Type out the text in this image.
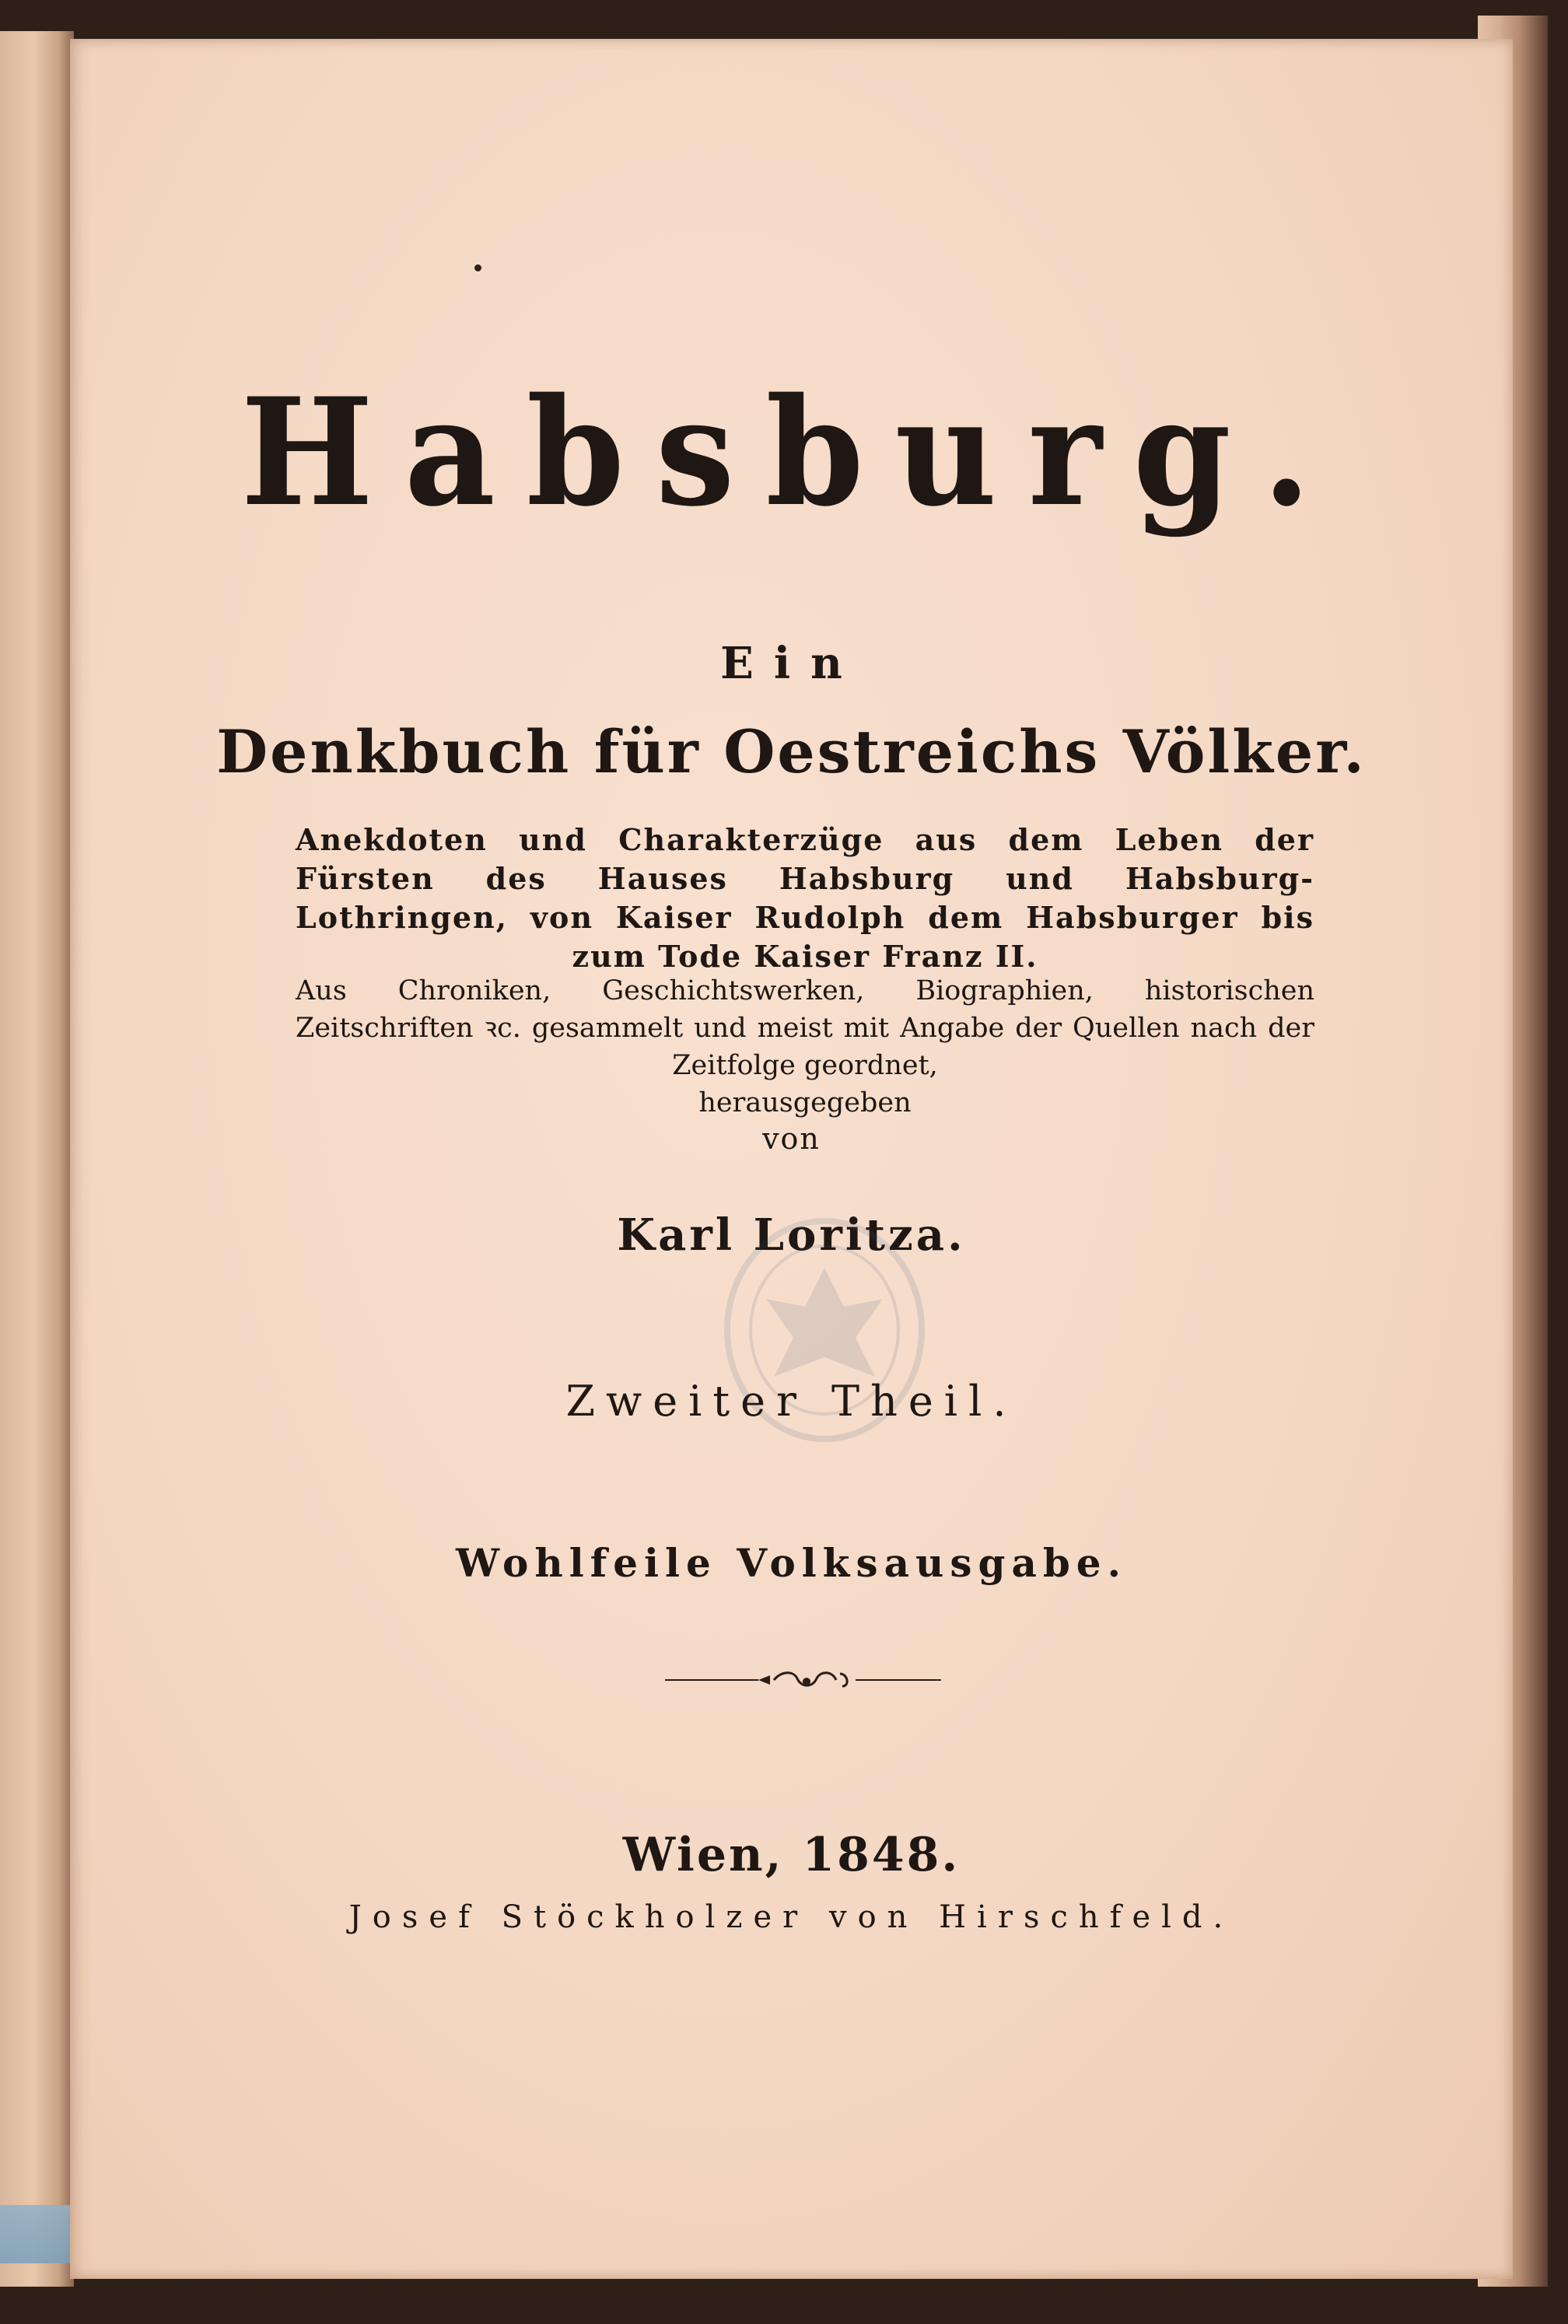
Habsburg.
Ein
Denkbuch für Oestreichs Völker.
Anekdoten und Charakterzüge aus dem Leben der Fürsten des Hauses Habsburg und Habsburg-Lothringen, von Kaiser Rudolph dem Habsburger bis zum Tode Kaiser Franz II.
Aus Chroniken, Geschichtswerken, Biographien, historischen Zeitschriften ꝛc. gesammelt und meist mit Angabe der Quellen nach der Zeitfolge geordnet,
herausgegeben
von
Karl Loritza.
Zweiter Theil.
Wohlfeile Volksausgabe.
Wien, 1848.
Josef Stöckholzer von Hirschfeld.
